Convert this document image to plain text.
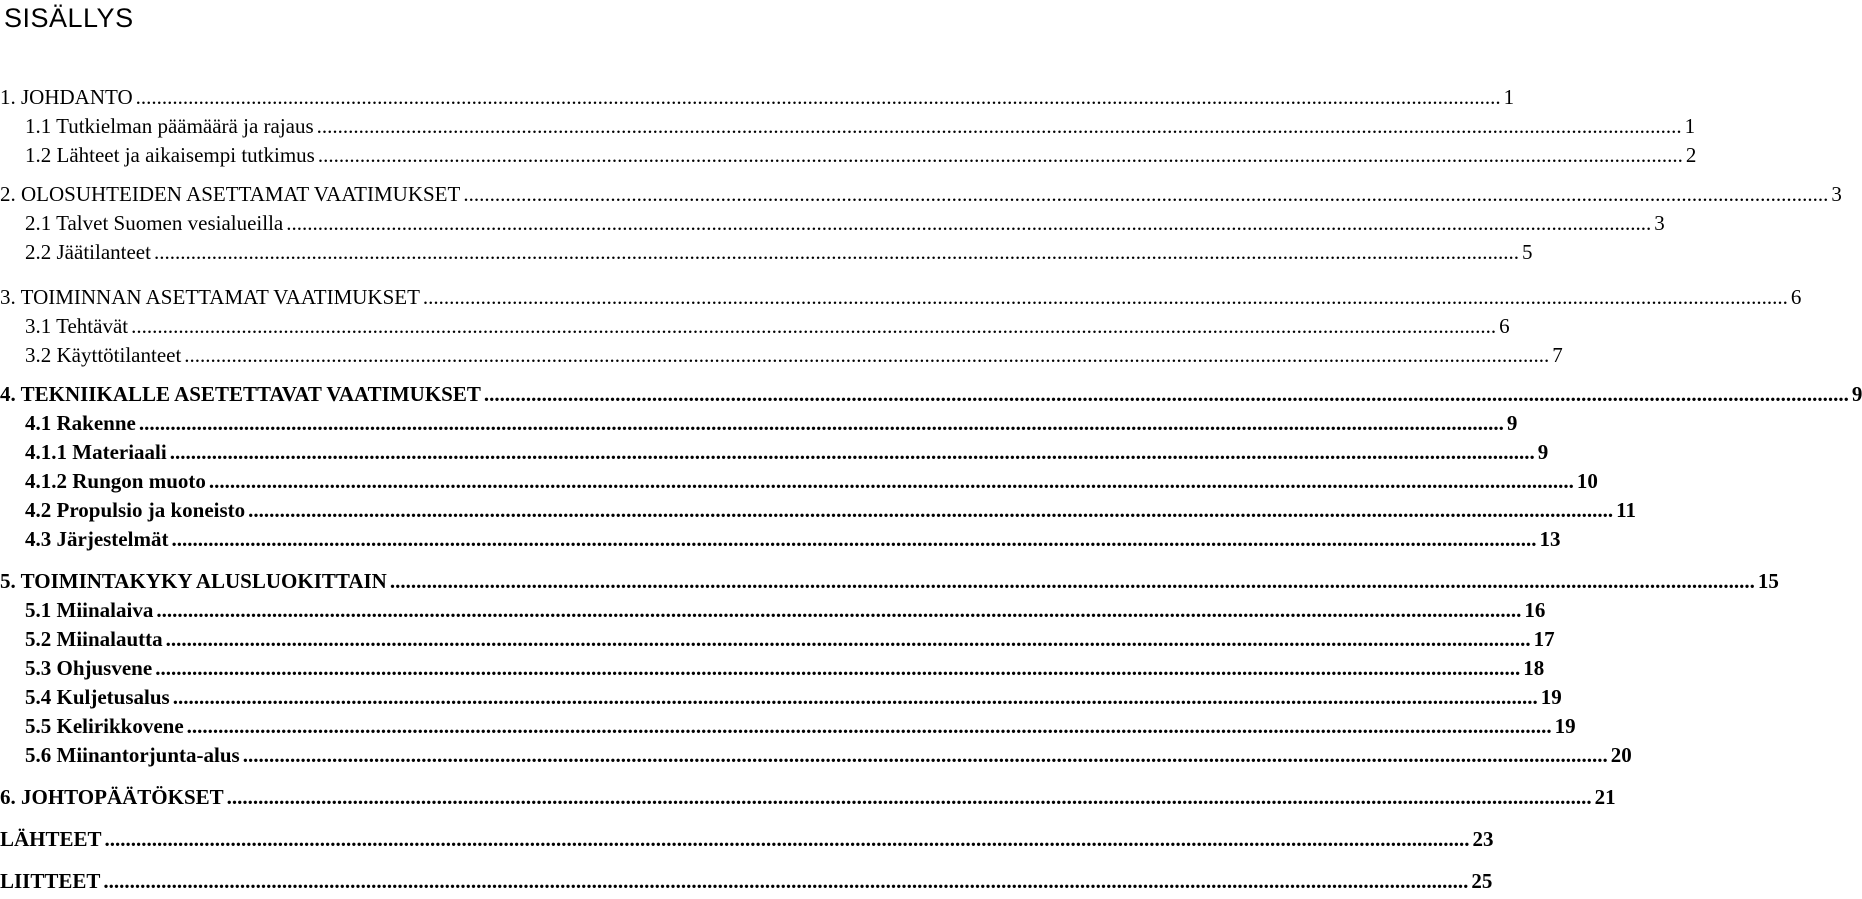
SISÄLLYS
1. JOHDANTO .................................................................................................................................................................................................................................................................... 1
1.1 Tutkielman päämäärä ja rajaus .................................................................................................................................................................................................................................................................... 1
1.2 Lähteet ja aikaisempi tutkimus .................................................................................................................................................................................................................................................................... 2
2. OLOSUHTEIDEN ASETTAMAT VAATIMUKSET .................................................................................................................................................................................................................................................................... 3
2.1 Talvet Suomen vesialueilla .................................................................................................................................................................................................................................................................... 3
2.2 Jäätilanteet .................................................................................................................................................................................................................................................................... 5
3. TOIMINNAN ASETTAMAT VAATIMUKSET .................................................................................................................................................................................................................................................................... 6
3.1 Tehtävät .................................................................................................................................................................................................................................................................... 6
3.2 Käyttötilanteet .................................................................................................................................................................................................................................................................... 7
4. TEKNIIKALLE ASETETTAVAT VAATIMUKSET .................................................................................................................................................................................................................................................................... 9
4.1 Rakenne .................................................................................................................................................................................................................................................................... 9
4.1.1 Materiaali .................................................................................................................................................................................................................................................................... 9
4.1.2 Rungon muoto .................................................................................................................................................................................................................................................................... 10
4.2 Propulsio ja koneisto .................................................................................................................................................................................................................................................................... 11
4.3 Järjestelmät .................................................................................................................................................................................................................................................................... 13
5. TOIMINTAKYKY ALUSLUOKITTAIN .................................................................................................................................................................................................................................................................... 15
5.1 Miinalaiva .................................................................................................................................................................................................................................................................... 16
5.2 Miinalautta .................................................................................................................................................................................................................................................................... 17
5.3 Ohjusvene .................................................................................................................................................................................................................................................................... 18
5.4 Kuljetusalus .................................................................................................................................................................................................................................................................... 19
5.5 Kelirikkovene .................................................................................................................................................................................................................................................................... 19
5.6 Miinantorjunta-alus .................................................................................................................................................................................................................................................................... 20
6. JOHTOPÄÄTÖKSET .................................................................................................................................................................................................................................................................... 21
LÄHTEET .................................................................................................................................................................................................................................................................... 23
LIITTEET .................................................................................................................................................................................................................................................................... 25
